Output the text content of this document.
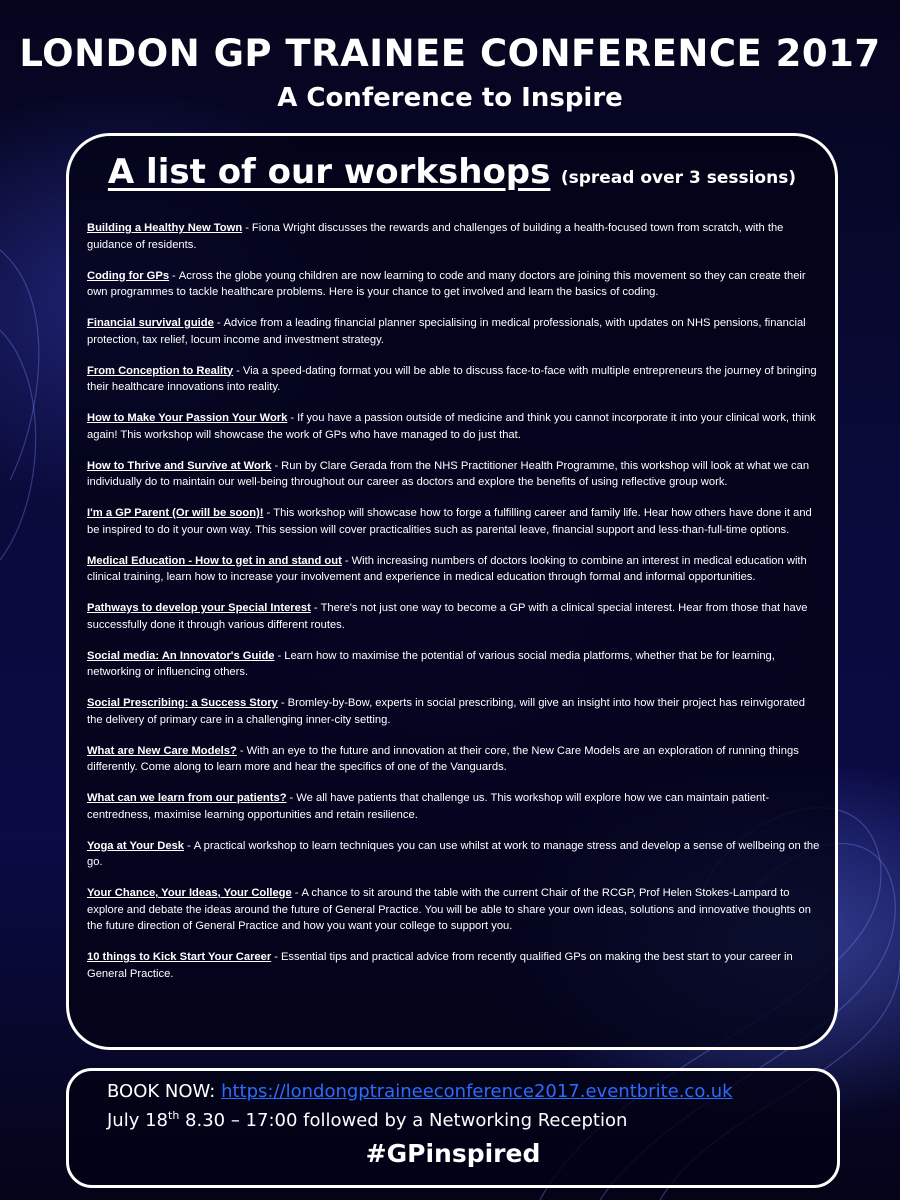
LONDON GP TRAINEE CONFERENCE 2017
A Conference to Inspire
A list of our workshops (spread over 3 sessions)
Building a Healthy New Town - Fiona Wright discusses the rewards and challenges of building a health-focused town from scratch, with the guidance of residents.
Coding for GPs - Across the globe young children are now learning to code and many doctors are joining this movement so they can create their own programmes to tackle healthcare problems. Here is your chance to get involved and learn the basics of coding.
Financial survival guide - Advice from a leading financial planner specialising in medical professionals, with updates on NHS pensions, financial protection, tax relief, locum income and investment strategy.
From Conception to Reality - Via a speed-dating format you will be able to discuss face-to-face with multiple entrepreneurs the journey of bringing their healthcare innovations into reality.
How to Make Your Passion Your Work - If you have a passion outside of medicine and think you cannot incorporate it into your clinical work, think again! This workshop will showcase the work of GPs who have managed to do just that.
How to Thrive and Survive at Work - Run by Clare Gerada from the NHS Practitioner Health Programme, this workshop will look at what we can individually do to maintain our well-being throughout our career as doctors and explore the benefits of using reflective group work.
I'm a GP Parent (Or will be soon)! - This workshop will showcase how to forge a fulfilling career and family life. Hear how others have done it and be inspired to do it your own way. This session will cover practicalities such as parental leave, financial support and less-than-full-time options.
Medical Education - How to get in and stand out - With increasing numbers of doctors looking to combine an interest in medical education with clinical training, learn how to increase your involvement and experience in medical education through formal and informal opportunities.
Pathways to develop your Special Interest - There's not just one way to become a GP with a clinical special interest. Hear from those that have successfully done it through various different routes.
Social media: An Innovator's Guide - Learn how to maximise the potential of various social media platforms, whether that be for learning, networking or influencing others.
Social Prescribing: a Success Story - Bromley-by-Bow, experts in social prescribing, will give an insight into how their project has reinvigorated the delivery of primary care in a challenging inner-city setting.
What are New Care Models? - With an eye to the future and innovation at their core, the New Care Models are an exploration of running things differently. Come along to learn more and hear the specifics of one of the Vanguards.
What can we learn from our patients? - We all have patients that challenge us. This workshop will explore how we can maintain patient-centredness, maximise learning opportunities and retain resilience.
Yoga at Your Desk - A practical workshop to learn techniques you can use whilst at work to manage stress and develop a sense of wellbeing on the go.
Your Chance, Your Ideas, Your College - A chance to sit around the table with the current Chair of the RCGP, Prof Helen Stokes-Lampard to explore and debate the ideas around the future of General Practice. You will be able to share your own ideas, solutions and innovative thoughts on the future direction of General Practice and how you want your college to support you.
10 things to Kick Start Your Career - Essential tips and practical advice from recently qualified GPs on making the best start to your career in General Practice.
BOOK NOW: https://londongptraineeconference2017.eventbrite.co.uk
July 18th 8.30 – 17:00 followed by a Networking Reception
#GPinspired
